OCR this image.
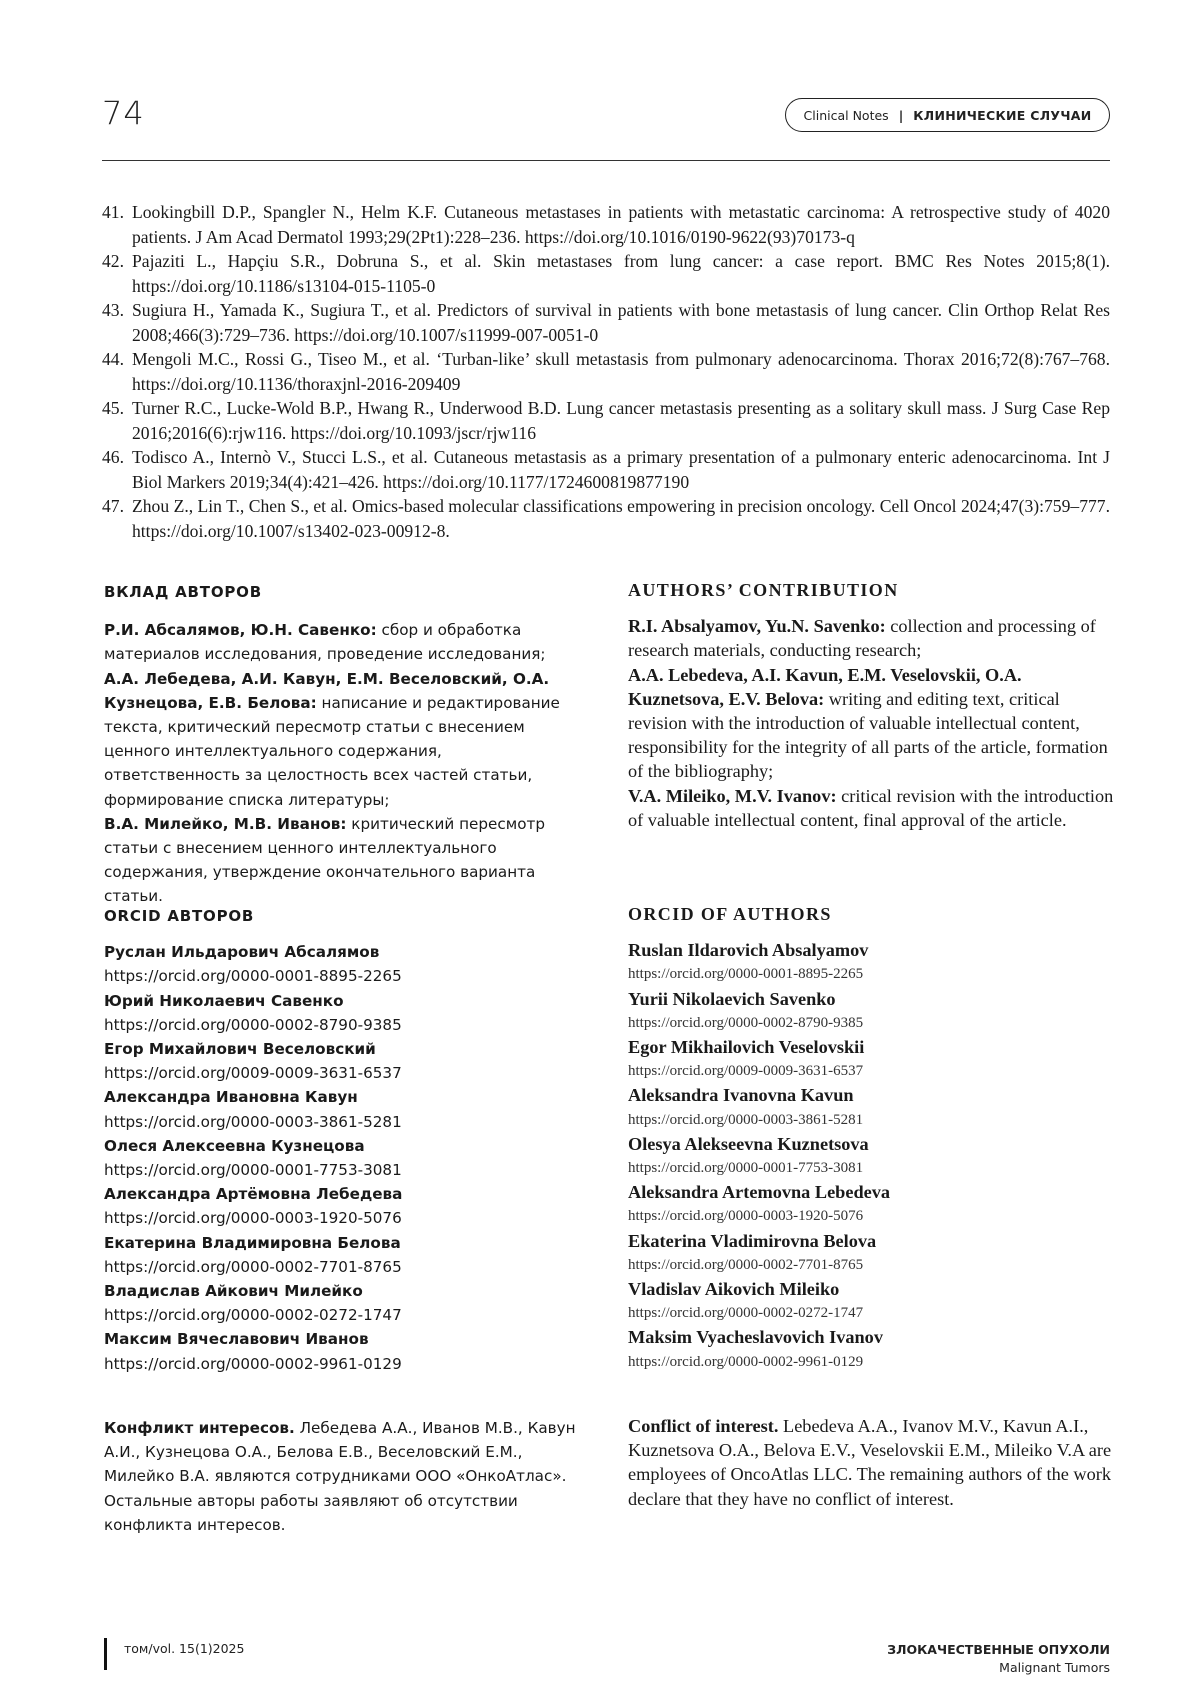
74	Clinical Notes | КЛИНИЧЕСКИЕ СЛУЧАИ
41. Lookingbill D.P., Spangler N., Helm K.F. Cutaneous metastases in patients with metastatic carcinoma: A retrospective study of 4020 patients. J Am Acad Dermatol 1993;29(2Pt1):228–236. https://doi.org/10.1016/0190-9622(93)70173-q
42. Pajaziti L., Hapçiu S.R., Dobruna S., et al. Skin metastases from lung cancer: a case report. BMC Res Notes 2015;8(1). https://doi.org/10.1186/s13104-015-1105-0
43. Sugiura H., Yamada K., Sugiura T., et al. Predictors of survival in patients with bone metastasis of lung cancer. Clin Orthop Relat Res 2008;466(3):729–736. https://doi.org/10.1007/s11999-007-0051-0
44. Mengoli M.C., Rossi G., Tiseo M., et al. ‘Turban-like’ skull metastasis from pulmonary adenocarcinoma. Thorax 2016;72(8):767–768. https://doi.org/10.1136/thoraxjnl-2016-209409
45. Turner R.C., Lucke-Wold B.P., Hwang R., Underwood B.D. Lung cancer metastasis presenting as a solitary skull mass. J Surg Case Rep 2016;2016(6):rjw116. https://doi.org/10.1093/jscr/rjw116
46. Todisco A., Internò V., Stucci L.S., et al. Cutaneous metastasis as a primary presentation of a pulmonary enteric adenocarcinoma. Int J Biol Markers 2019;34(4):421–426. https://doi.org/10.1177/1724600819877190
47. Zhou Z., Lin T., Chen S., et al. Omics-based molecular classifications empowering in precision oncology. Cell Oncol 2024;47(3):759–777. https://doi.org/10.1007/s13402-023-00912-8.
ВКЛАД АВТОРОВ

Р.И. Абсалямов, Ю.Н. Савенко: сбор и обработка материалов исследования, проведение исследования;
А.А. Лебедева, А.И. Кавун, Е.М. Веселовский, О.А. Кузнецова, Е.В. Белова: написание и редактирование текста, критический пересмотр статьи с внесением ценного интеллектуального содержания, ответственность за целостность всех частей статьи, формирование списка литературы;
В.А. Милейко, М.В. Иванов: критический пересмотр статьи с внесением ценного интеллектуального содержания, утверждение окончательного варианта статьи.

AUTHORS’ CONTRIBUTION

R.I. Absalyamov, Yu.N. Savenko: collection and processing of research materials, conducting research;
A.A. Lebedeva, A.I. Kavun, E.M. Veselovskii, O.A. Kuznetsova, E.V. Belova: writing and editing text, critical revision with the introduction of valuable intellectual content, responsibility for the integrity of all parts of the article, formation of the bibliography;
V.A. Mileiko, M.V. Ivanov: critical revision with the introduction of valuable intellectual content, final approval of the article.

ORCID АВТОРОВ
Руслан Ильдарович Абсалямов
https://orcid.org/0000-0001-8895-2265
Юрий Николаевич Савенко
https://orcid.org/0000-0002-8790-9385
Егор Михайлович Веселовский
https://orcid.org/0009-0009-3631-6537
Александра Ивановна Кавун
https://orcid.org/0000-0003-3861-5281
Олеся Алексеевна Кузнецова
https://orcid.org/0000-0001-7753-3081
Александра Артёмовна Лебедева
https://orcid.org/0000-0003-1920-5076
Екатерина Владимировна Белова
https://orcid.org/0000-0002-7701-8765
Владислав Айкович Милейко
https://orcid.org/0000-0002-0272-1747
Максим Вячеславович Иванов
https://orcid.org/0000-0002-9961-0129
ORCID OF AUTHORS
Ruslan Ildarovich Absalyamov
https://orcid.org/0000-0001-8895-2265
Yurii Nikolaevich Savenko
https://orcid.org/0000-0002-8790-9385
Egor Mikhailovich Veselovskii
https://orcid.org/0009-0009-3631-6537
Aleksandra Ivanovna Kavun
https://orcid.org/0000-0003-3861-5281
Olesya Alekseevna Kuznetsova
https://orcid.org/0000-0001-7753-3081
Aleksandra Artemovna Lebedeva
https://orcid.org/0000-0003-1920-5076
Ekaterina Vladimirovna Belova
https://orcid.org/0000-0002-7701-8765
Vladislav Aikovich Mileiko
https://orcid.org/0000-0002-0272-1747
Maksim Vyacheslavovich Ivanov
https://orcid.org/0000-0002-9961-0129

Конфликт интересов. Лебедева А.А., Иванов М.В., Кавун А.И., Кузнецова О.А., Белова Е.В., Веселовский Е.М., Милейко В.А. являются сотрудниками ООО «ОнкоАтлас». Остальные авторы работы заявляют об отсутствии конфликта интересов.

Conflict of interest. Lebedeva A.A., Ivanov M.V., Kavun A.I., Kuznetsova O.A., Belova E.V., Veselovskii E.M., Mileiko V.A are employees of OncoAtlas LLC. The remaining authors of the work declare that they have no conflict of interest.

том/vol. 15(1)2025	ЗЛОКАЧЕСТВЕННЫЕ ОПУХОЛИ
Malignant Tumors
